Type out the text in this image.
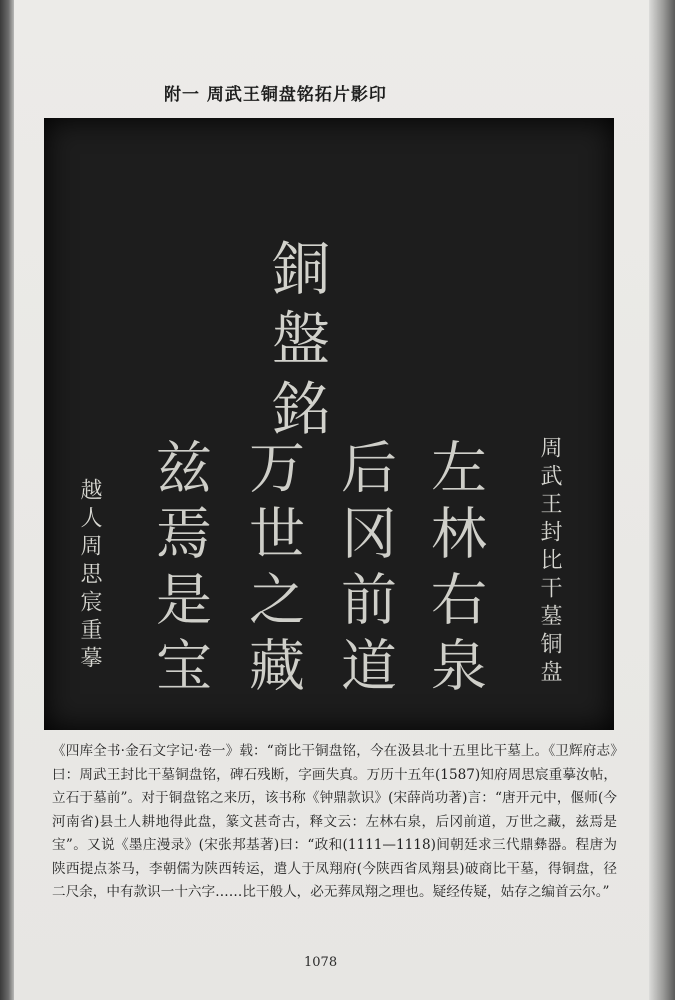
附一 周武王铜盘铭拓片影印
銅盤銘
周武王封比干墓铜盘
左林右泉
后冈前道
万世之藏
兹焉是宝
越人周思宸重摹

《四库全书·金石文字记·卷一》载：“商比干铜盘铭，今在汲县北十五里比干墓上。《卫辉府志》曰：周武王封比干墓铜盘铭，碑石残断，字画失真。万历十五年(1587)知府周思宸重摹汝帖，立石于墓前”。对于铜盘铭之来历，该书称《钟鼎款识》(宋薛尚功著)言：“唐开元中，偃师(今河南省)县土人耕地得此盘，篆文甚奇古，释文云：左林右泉，后冈前道，万世之藏，兹焉是宝”。又说《墨庄漫录》(宋张邦基著)曰：“政和(1111—1118)间朝廷求三代鼎彝器。程唐为陕西提点茶马，李朝儒为陕西转运，遣人于凤翔府(今陕西省凤翔县)破商比干墓，得铜盘，径二尺余，中有款识一十六字……比干般人，必无葬凤翔之理也。疑经传疑，姑存之编首云尔。”

1078
